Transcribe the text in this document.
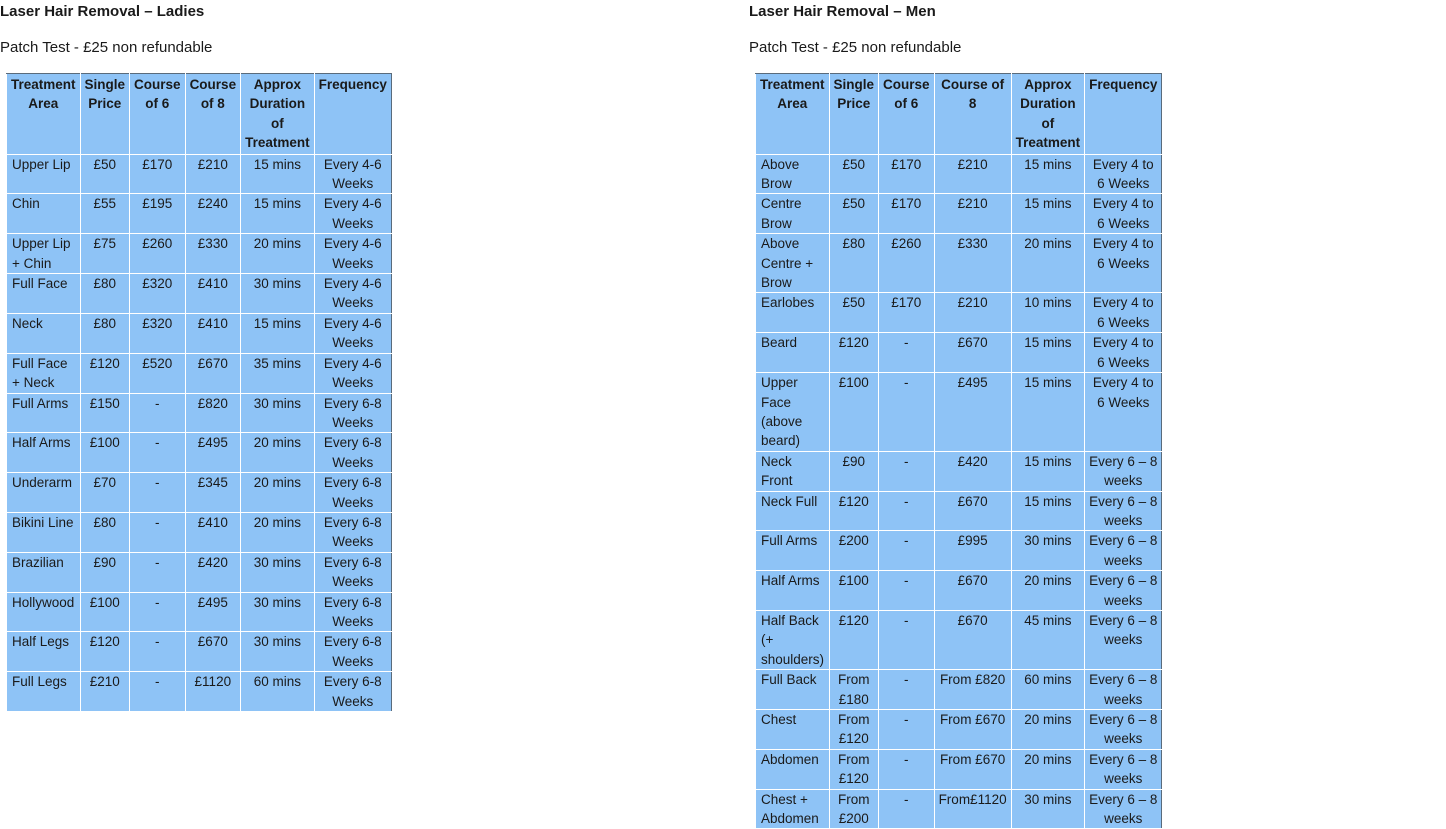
Laser Hair Removal – Ladies
Patch Test - £25 non refundable
Treatment Area	Single Price	Course of 6	Course of 8	Approx Duration of Treatment	Frequency
Upper Lip	£50	£170	£210	15 mins	Every 4-6 Weeks
Chin	£55	£195	£240	15 mins	Every 4-6 Weeks
Upper Lip + Chin	£75	£260	£330	20 mins	Every 4-6 Weeks
Full Face	£80	£320	£410	30 mins	Every 4-6 Weeks
Neck	£80	£320	£410	15 mins	Every 4-6 Weeks
Full Face + Neck	£120	£520	£670	35 mins	Every 4-6 Weeks
Full Arms	£150	-	£820	30 mins	Every 6-8 Weeks
Half Arms	£100	-	£495	20 mins	Every 6-8 Weeks
Underarm	£70	-	£345	20 mins	Every 6-8 Weeks
Bikini Line	£80	-	£410	20 mins	Every 6-8 Weeks
Brazilian	£90	-	£420	30 mins	Every 6-8 Weeks
Hollywood	£100	-	£495	30 mins	Every 6-8 Weeks
Half Legs	£120	-	£670	30 mins	Every 6-8 Weeks
Full Legs	£210	-	£1120	60 mins	Every 6-8 Weeks
Laser Hair Removal – Men
Patch Test - £25 non refundable
Treatment Area	Single Price	Course of 6	Course of 8	Approx Duration of Treatment	Frequency
Above Brow	£50	£170	£210	15 mins	Every 4 to 6 Weeks
Centre Brow	£50	£170	£210	15 mins	Every 4 to 6 Weeks
Above Centre + Brow	£80	£260	£330	20 mins	Every 4 to 6 Weeks
Earlobes	£50	£170	£210	10 mins	Every 4 to 6 Weeks
Beard	£120	-	£670	15 mins	Every 4 to 6 Weeks
Upper Face (above beard)	£100	-	£495	15 mins	Every 4 to 6 Weeks
Neck Front	£90	-	£420	15 mins	Every 6 – 8 weeks
Neck Full	£120	-	£670	15 mins	Every 6 – 8 weeks
Full Arms	£200	-	£995	30 mins	Every 6 – 8 weeks
Half Arms	£100	-	£670	20 mins	Every 6 – 8 weeks
Half Back (+ shoulders)	£120	-	£670	45 mins	Every 6 – 8 weeks
Full Back	From £180	-	From £820	60 mins	Every 6 – 8 weeks
Chest	From £120	-	From £670	20 mins	Every 6 – 8 weeks
Abdomen	From £120	-	From £670	20 mins	Every 6 – 8 weeks
Chest + Abdomen	From £200	-	From£1120	30 mins	Every 6 – 8 weeks
